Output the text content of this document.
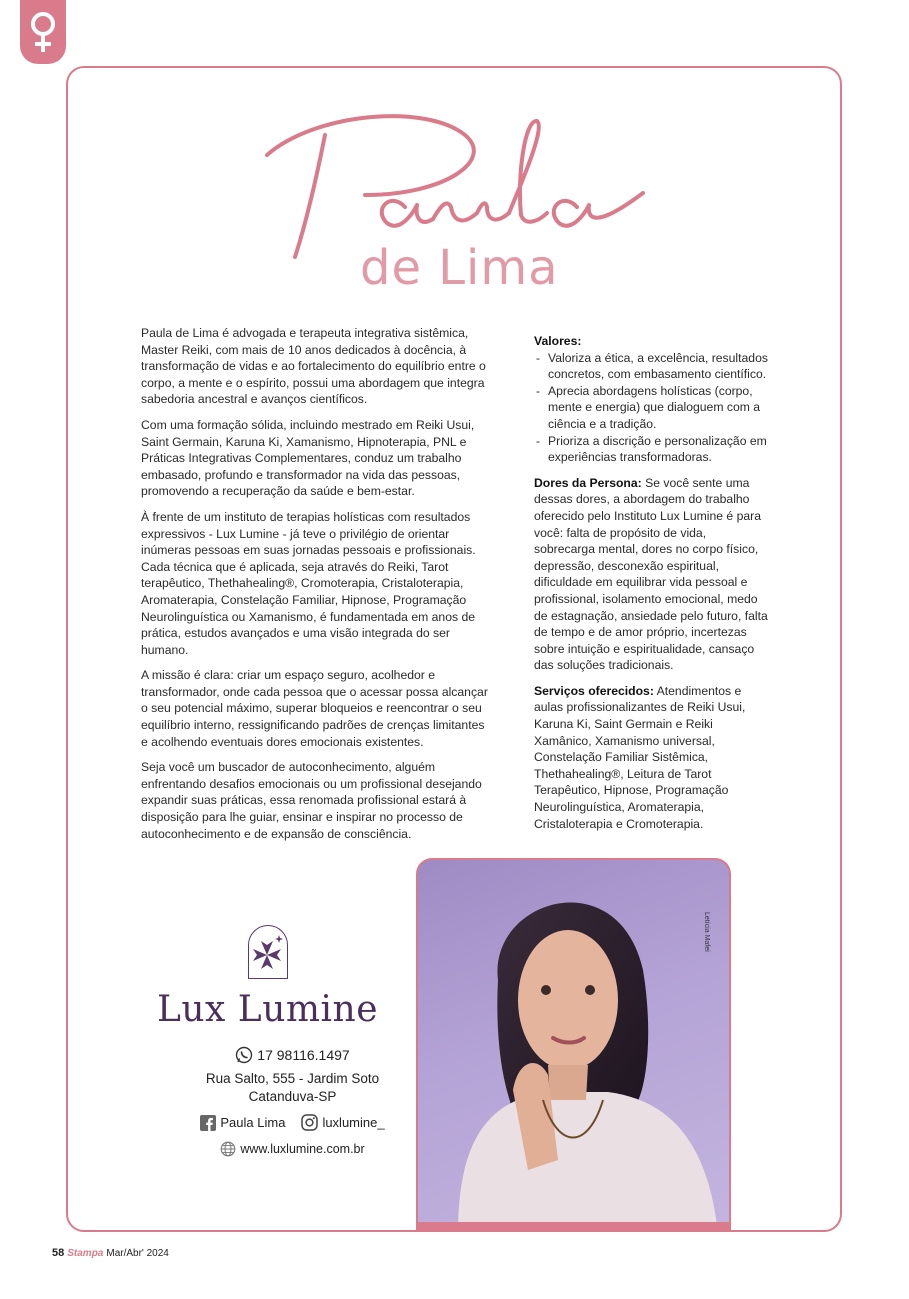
de Lima

Paula de Lima é advogada e terapeuta integrativa sistêmica, Master Reiki, com mais de 10 anos dedicados à docência, à transformação de vidas e ao fortalecimento do equilíbrio entre o corpo, a mente e o espírito, possui uma abordagem que integra sabedoria ancestral e avanços científicos.

Com uma formação sólida, incluindo mestrado em Reiki Usui, Saint Germain, Karuna Ki, Xamanismo, Hipnoterapia, PNL e Práticas Integrativas Complementares, conduz um trabalho embasado, profundo e transformador na vida das pessoas, promovendo a recuperação da saúde e bem-estar.

À frente de um instituto de terapias holísticas com resultados expressivos - Lux Lumine - já teve o privilégio de orientar inúmeras pessoas em suas jornadas pessoais e profissionais. Cada técnica que é aplicada, seja através do Reiki, Tarot terapêutico, Thethahealing®, Cromoterapia, Cristaloterapia, Aromaterapia, Constelação Familiar, Hipnose, Programação Neurolinguística ou Xamanismo, é fundamentada em anos de prática, estudos avançados e uma visão integrada do ser humano.

A missão é clara: criar um espaço seguro, acolhedor e transformador, onde cada pessoa que o acessar possa alcançar o seu potencial máximo, superar bloqueios e reencontrar o seu equilíbrio interno, ressignificando padrões de crenças limitantes e acolhendo eventuais dores emocionais existentes.

Seja você um buscador de autoconhecimento, alguém enfrentando desafios emocionais ou um profissional desejando expandir suas práticas, essa renomada profissional estará à disposição para lhe guiar, ensinar e inspirar no processo de autoconhecimento e de expansão de consciência.

Valores:
- Valoriza a ética, a excelência, resultados concretos, com embasamento científico.
- Aprecia abordagens holísticas (corpo, mente e energia) que dialoguem com a ciência e a tradição.
- Prioriza a discrição e personalização em experiências transformadoras.

Dores da Persona: Se você sente uma dessas dores, a abordagem do trabalho oferecido pelo Instituto Lux Lumine é para você: falta de propósito de vida, sobrecarga mental, dores no corpo físico, depressão, desconexão espiritual, dificuldade em equilibrar vida pessoal e profissional, isolamento emocional, medo de estagnação, ansiedade pelo futuro, falta de tempo e de amor próprio, incertezas sobre intuição e espiritualidade, cansaço das soluções tradicionais.

Serviços oferecidos: Atendimentos e aulas profissionalizantes de Reiki Usui, Karuna Ki, Saint Germain e Reiki Xamânico, Xamanismo universal, Constelação Familiar Sistêmica, Thethahealing®, Leitura de Tarot Terapêutico, Hipnose, Programação Neurolinguística, Aromaterapia, Cristaloterapia e Cromoterapia.

Lux Lumine
17 98116.1497
Rua Salto, 555 - Jardim Soto
Catanduva-SP
Paula Lima	luxlumine_
www.luxlumine.com.br
Letícia Mafei
58 Stampa Mar/Abr' 2024
